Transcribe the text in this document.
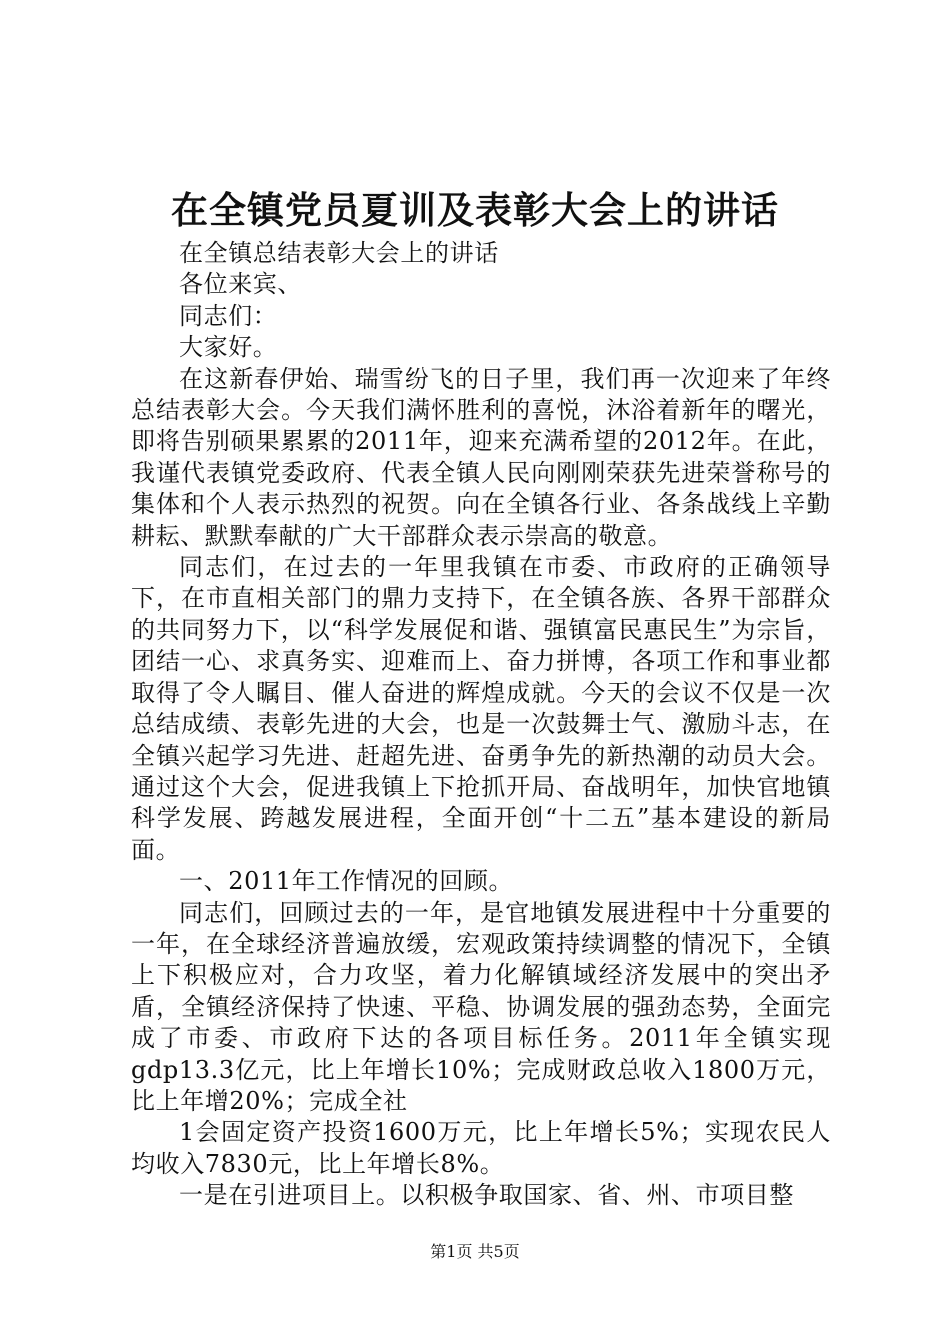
在全镇党员夏训及表彰大会上的讲话

在全镇总结表彰大会上的讲话

各位来宾、

同志们：

大家好。

在这新春伊始、瑞雪纷飞的日子里，我们再一次迎来了年终总结表彰大会。今天我们满怀胜利的喜悦，沐浴着新年的曙光，即将告别硕果累累的2011年，迎来充满希望的2012年。在此，我谨代表镇党委政府、代表全镇人民向刚刚荣获先进荣誉称号的集体和个人表示热烈的祝贺。向在全镇各行业、各条战线上辛勤耕耘、默默奉献的广大干部群众表示崇高的敬意。

同志们，在过去的一年里我镇在市委、市政府的正确领导下，在市直相关部门的鼎力支持下，在全镇各族、各界干部群众的共同努力下，以“科学发展促和谐、强镇富民惠民生”为宗旨，团结一心、求真务实、迎难而上、奋力拼博，各项工作和事业都取得了令人瞩目、催人奋进的辉煌成就。今天的会议不仅是一次总结成绩、表彰先进的大会，也是一次鼓舞士气、激励斗志，在全镇兴起学习先进、赶超先进、奋勇争先的新热潮的动员大会。通过这个大会，促进我镇上下抢抓开局、奋战明年，加快官地镇科学发展、跨越发展进程，全面开创“十二五”基本建设的新局面。

一、2011年工作情况的回顾。

同志们，回顾过去的一年，是官地镇发展进程中十分重要的一年，在全球经济普遍放缓，宏观政策持续调整的情况下，全镇上下积极应对，合力攻坚，着力化解镇域经济发展中的突出矛盾，全镇经济保持了快速、平稳、协调发展的强劲态势，全面完成了市委、市政府下达的各项目标任务。2011年全镇实现gdp13.3亿元，比上年增长10%；完成财政总收入1800万元，比上年增20%；完成全社

1会固定资产投资1600万元，比上年增长5%；实现农民人均收入7830元，比上年增长8%。

一是在引进项目上。以积极争取国家、省、州、市项目整

第1页 共5页
